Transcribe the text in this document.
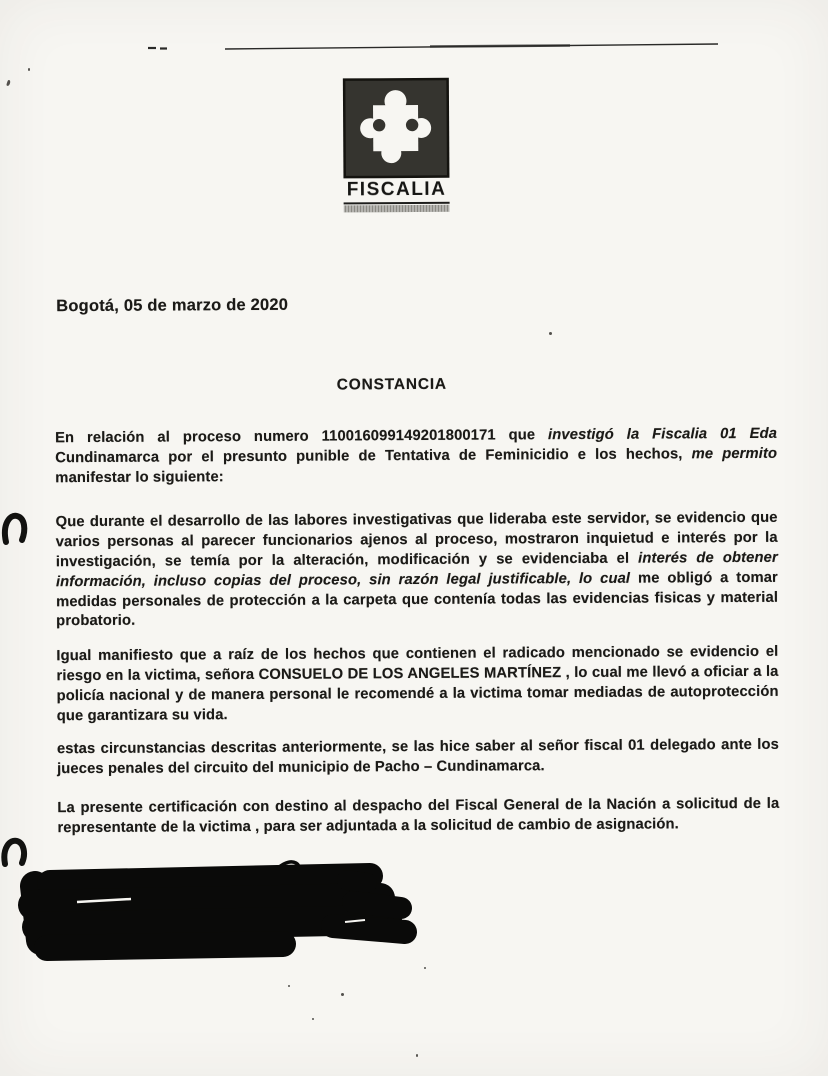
FISCALIA
Bogotá, 05 de marzo de 2020
CONSTANCIA

En relación al proceso numero 110016099149201800171 que investigó la Fiscalia 01 Eda Cundinamarca por el presunto punible de Tentativa de Feminicidio e los hechos, me permito manifestar lo siguiente:

Que durante el desarrollo de las labores investigativas que lideraba este servidor, se evidencio que varios personas al parecer funcionarios ajenos al proceso, mostraron inquietud e interés por la investigación, se temía por la alteración, modificación y se evidenciaba el interés de obtener información, incluso copias del proceso, sin razón legal justificable, lo cual me obligó a tomar medidas personales de protección a la carpeta que contenía todas las evidencias fisicas y material probatorio.

Igual manifiesto que a raíz de los hechos que contienen el radicado mencionado se evidencio el riesgo en la victima, señora CONSUELO DE LOS ANGELES MARTÍNEZ , lo cual me llevó a oficiar a la policía nacional y de manera personal le recomendé a la victima tomar mediadas de autoprotección que garantizara su vida.

estas circunstancias descritas anteriormente, se las hice saber al señor fiscal 01 delegado ante los jueces penales del circuito del municipio de Pacho – Cundinamarca.

La presente certificación con destino al despacho del Fiscal General de la Nación a solicitud de la representante de la victima , para ser adjuntada a la solicitud de cambio de asignación.
